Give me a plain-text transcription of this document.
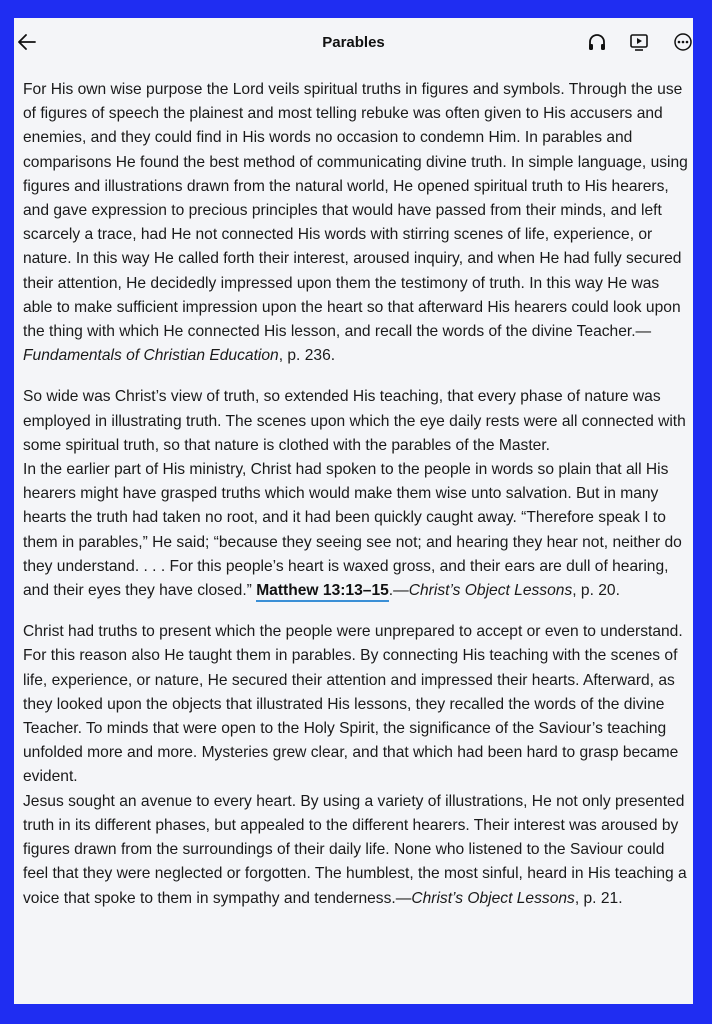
Parables

For His own wise purpose the Lord veils spiritual truths in figures and symbols. Through the use of figures of speech the plainest and most telling rebuke was often given to His accusers and enemies, and they could find in His words no occasion to condemn Him. In parables and comparisons He found the best method of communicating divine truth. In simple language, using figures and illustrations drawn from the natural world, He opened spiritual truth to His hearers, and gave expression to precious principles that would have passed from their minds, and left scarcely a trace, had He not connected His words with stirring scenes of life, experience, or nature. In this way He called forth their interest, aroused inquiry, and when He had fully secured their attention, He decidedly impressed upon them the testimony of truth. In this way He was able to make sufficient impression upon the heart so that afterward His hearers could look upon the thing with which He connected His lesson, and recall the words of the divine Teacher.—Fundamentals of Christian Education, p. 236.

So wide was Christ’s view of truth, so extended His teaching, that every phase of nature was employed in illustrating truth. The scenes upon which the eye daily rests were all connected with some spiritual truth, so that nature is clothed with the parables of the Master.

In the earlier part of His ministry, Christ had spoken to the people in words so plain that all His hearers might have grasped truths which would make them wise unto salvation. But in many hearts the truth had taken no root, and it had been quickly caught away. “Therefore speak I to them in parables,” He said; “because they seeing see not; and hearing they hear not, neither do they understand. . . . For this people’s heart is waxed gross, and their ears are dull of hearing, and their eyes they have closed.” Matthew 13:13–15.—Christ’s Object Lessons, p. 20.

Christ had truths to present which the people were unprepared to accept or even to understand. For this reason also He taught them in parables. By connecting His teaching with the scenes of life, experience, or nature, He secured their attention and impressed their hearts. Afterward, as they looked upon the objects that illustrated His lessons, they recalled the words of the divine Teacher. To minds that were open to the Holy Spirit, the significance of the Saviour’s teaching unfolded more and more. Mysteries grew clear, and that which had been hard to grasp became evident.

Jesus sought an avenue to every heart. By using a variety of illustrations, He not only presented truth in its different phases, but appealed to the different hearers. Their interest was aroused by figures drawn from the surroundings of their daily life. None who listened to the Saviour could feel that they were neglected or forgotten. The humblest, the most sinful, heard in His teaching a voice that spoke to them in sympathy and tenderness.—Christ’s Object Lessons, p. 21.
